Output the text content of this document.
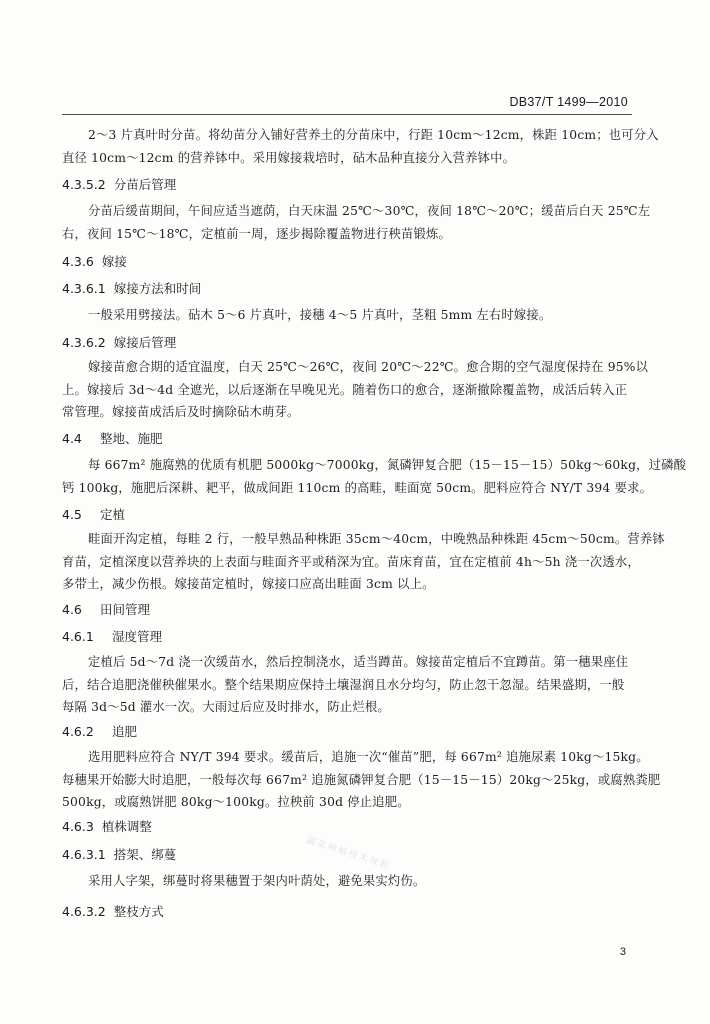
DB37/T 1499—2010
2～3 片真叶时分苗。将幼苗分入铺好营养土的分苗床中，行距 10cm～12cm，株距 10cm；也可分入
直径 10cm～12cm 的营养钵中。采用嫁接栽培时，砧木品种直接分入营养钵中。
4.3.5.2 分苗后管理
分苗后缓苗期间，午间应适当遮荫，白天床温 25℃～30℃，夜间 18℃～20℃；缓苗后白天 25℃左
右，夜间 15℃～18℃，定植前一周，逐步揭除覆盖物进行秧苗锻炼。
4.3.6 嫁接
4.3.6.1 嫁接方法和时间
一般采用劈接法。砧木 5～6 片真叶，接穗 4～5 片真叶，茎粗 5mm 左右时嫁接。
4.3.6.2 嫁接后管理
嫁接苗愈合期的适宜温度，白天 25℃～26℃，夜间 20℃～22℃。愈合期的空气湿度保持在 95%以
上。嫁接后 3d～4d 全遮光，以后逐渐在早晚见光。随着伤口的愈合，逐渐撤除覆盖物，成活后转入正
常管理。嫁接苗成活后及时摘除砧木萌芽。
4.4 整地、施肥
每 667m² 施腐熟的优质有机肥 5000kg～7000kg，氮磷钾复合肥（15－15－15）50kg～60kg，过磷酸
钙 100kg，施肥后深耕、耙平，做成间距 110cm 的高畦，畦面宽 50cm。肥料应符合 NY/T 394 要求。
4.5 定植
畦面开沟定植，每畦 2 行，一般早熟品种株距 35cm～40cm，中晚熟品种株距 45cm～50cm。营养钵
育苗，定植深度以营养块的上表面与畦面齐平或稍深为宜。苗床育苗，宜在定植前 4h～5h 浇一次透水，
多带土，减少伤根。嫁接苗定植时，嫁接口应高出畦面 3cm 以上。
4.6 田间管理
4.6.1 湿度管理
定植后 5d～7d 浇一次缓苗水，然后控制浇水，适当蹲苗。嫁接苗定植后不宜蹲苗。第一穗果座住
后，结合追肥浇催秧催果水。整个结果期应保持土壤湿润且水分均匀，防止忽干忽湿。结果盛期，一般
每隔 3d～5d 灌水一次。大雨过后应及时排水，防止烂根。
4.6.2 追肥
选用肥料应符合 NY/T 394 要求。缓苗后，追施一次“催苗”肥，每 667m² 追施尿素 10kg～15kg。
每穗果开始膨大时追肥，一般每次每 667m² 追施氮磷钾复合肥（15－15－15）20kg～25kg，或腐熟粪肥
500kg，或腐熟饼肥 80kg～100kg。拉秧前 30d 停止追肥。
4.6.3 植株调整
4.6.3.1 搭架、绑蔓
采用人字架，绑蔓时将果穗置于架内叶荫处，避免果实灼伤。
4.6.3.2 整枝方式
蔬菜种植技术规程
3
